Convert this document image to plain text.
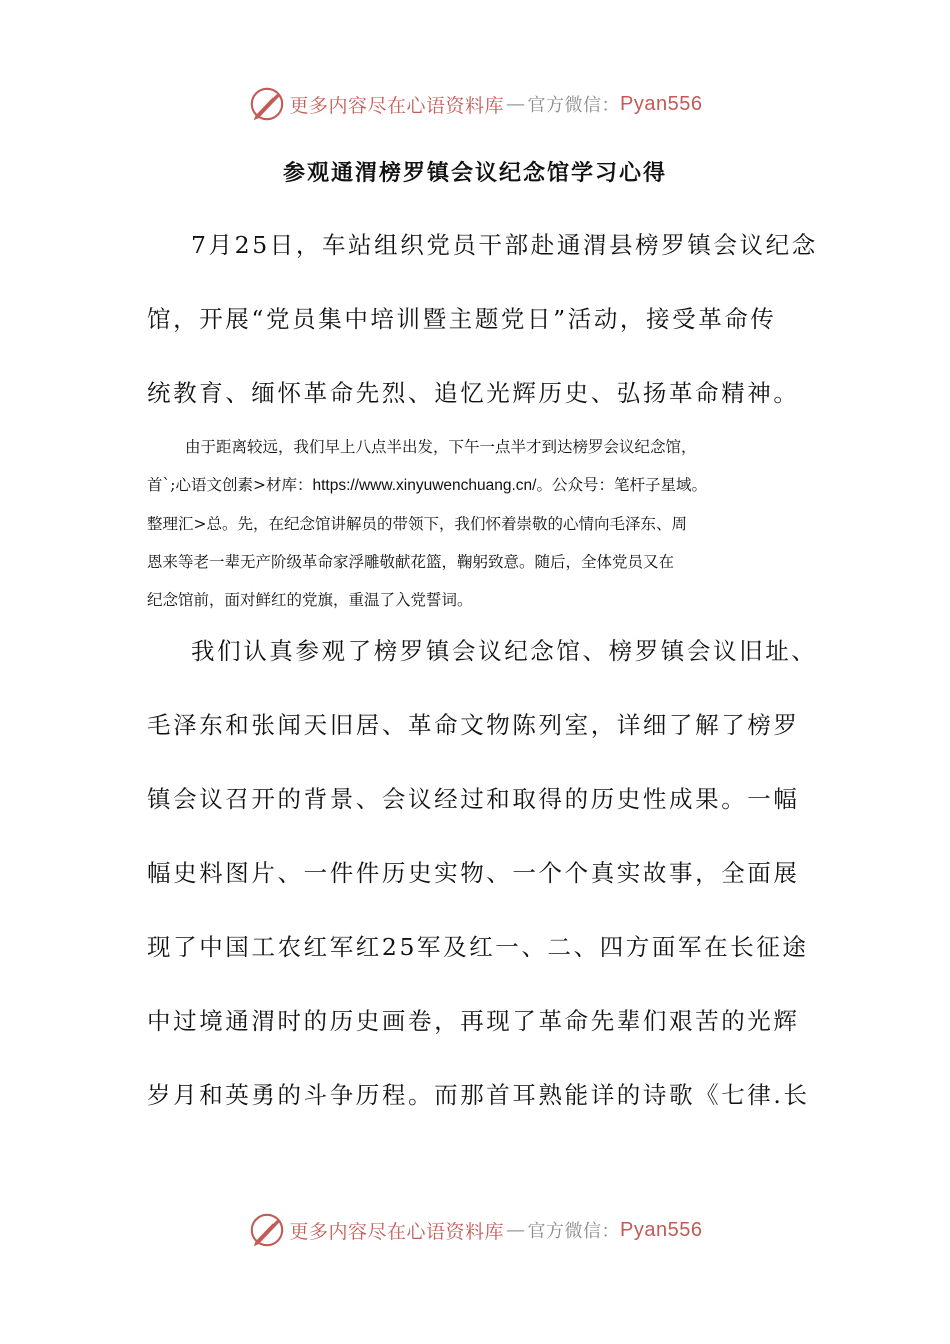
更多内容尽在心语资料库 — 官方微信： Pyan556
参观通渭榜罗镇会议纪念馆学习心得
7月25日，车站组织党员干部赴通渭县榜罗镇会议纪念
馆，开展“党员集中培训暨主题党日”活动，接受革命传
统教育、缅怀革命先烈、追忆光辉历史、弘扬革命精神。
由于距离较远，我们早上八点半出发，下午一点半才到达榜罗会议纪念馆，
首`;心语文创素>材库：https://www.xinyuwenchuang.cn/。公众号：笔杆子星域。
整理汇>总。先，在纪念馆讲解员的带领下，我们怀着崇敬的心情向毛泽东、周
恩来等老一辈无产阶级革命家浮雕敬献花篮，鞠躬致意。随后，全体党员又在
纪念馆前，面对鲜红的党旗，重温了入党誓词。
我们认真参观了榜罗镇会议纪念馆、榜罗镇会议旧址、
毛泽东和张闻天旧居、革命文物陈列室，详细了解了榜罗
镇会议召开的背景、会议经过和取得的历史性成果。一幅
幅史料图片、一件件历史实物、一个个真实故事，全面展
现了中国工农红军红25军及红一、二、四方面军在长征途
中过境通渭时的历史画卷，再现了革命先辈们艰苦的光辉
岁月和英勇的斗争历程。而那首耳熟能详的诗歌《七律.长
更多内容尽在心语资料库 — 官方微信： Pyan556
